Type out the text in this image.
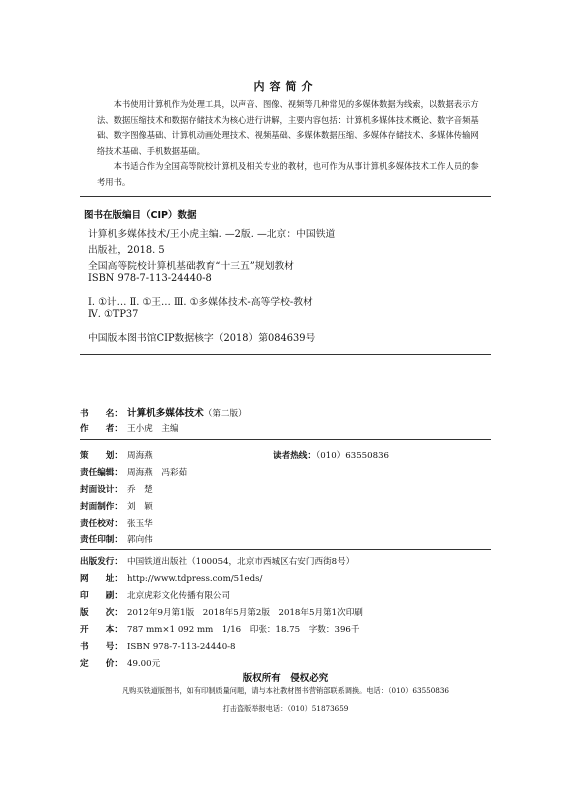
内容简介

本书使用计算机作为处理工具，以声音、图像、视频等几种常见的多媒体数据为线索，以数据表示方法、数据压缩技术和数据存储技术为核心进行讲解，主要内容包括：计算机多媒体技术概论、数字音频基础、数字图像基础、计算机动画处理技术、视频基础、多媒体数据压缩、多媒体存储技术、多媒体传输网络技术基础、手机数据基础。

本书适合作为全国高等院校计算机及相关专业的教材，也可作为从事计算机多媒体技术工作人员的参考用书。

图书在版编目（CIP）数据
计算机多媒体技术/王小虎主编. —2版. —北京：中国铁道
出版社，2018. 5
全国高等院校计算机基础教育“十三五”规划教材
ISBN 978-7-113-24440-8
Ⅰ. ①计… Ⅱ. ①王… Ⅲ. ①多媒体技术-高等学校-教材
Ⅳ. ①TP37
中国版本图书馆CIP数据核字（2018）第084639号
书　　名： 计算机多媒体技术（第二版）
作　　者： 王小虎　主编
策　　划： 周海燕	读者热线：（010）63550836
责任编辑： 周海燕　冯彩茹
封面设计： 乔　楚
封面制作： 刘　颖
责任校对： 张玉华
责任印制： 郭向伟
出版发行： 中国铁道出版社（100054，北京市西城区右安门西街8号）
网　　址： http://www.tdpress.com/51eds/
印　　刷： 北京虎彩文化传播有限公司
版　　次： 2012年9月第1版　2018年5月第2版　2018年5月第1次印刷
开　　本： 787 mm×1 092 mm　1/16　印张：18.75　字数：396千
书　　号： ISBN 978-7-113-24440-8
定　　价： 49.00元
版权所有　侵权必究
凡购买铁道版图书，如有印制质量问题，请与本社教材图书营销部联系调换。电话：（010）63550836
打击盗版举报电话：（010）51873659
